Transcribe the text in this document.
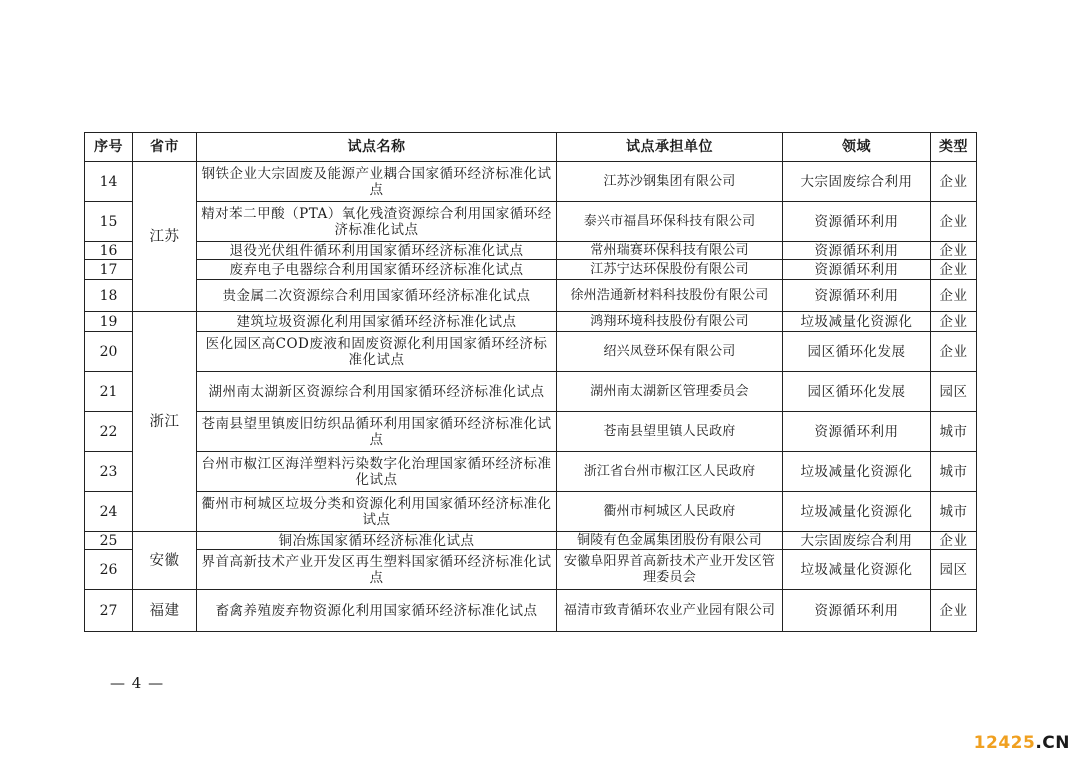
序号	省市	试点名称	试点承担单位	领域	类型
14	江苏	钢铁企业大宗固废及能源产业耦合国家循环经济标准化试点	江苏沙钢集团有限公司	大宗固废综合利用	企业
15		精对苯二甲酸（PTA）氧化残渣资源综合利用国家循环经济标准化试点	泰兴市福昌环保科技有限公司	资源循环利用	企业
16		退役光伏组件循环利用国家循环经济标准化试点	常州瑞赛环保科技有限公司	资源循环利用	企业
17		废弃电子电器综合利用国家循环经济标准化试点	江苏宁达环保股份有限公司	资源循环利用	企业
18		贵金属二次资源综合利用国家循环经济标准化试点	徐州浩通新材料科技股份有限公司	资源循环利用	企业
19	浙江	建筑垃圾资源化利用国家循环经济标准化试点	鸿翔环境科技股份有限公司	垃圾减量化资源化	企业
20		医化园区高COD废液和固废资源化利用国家循环经济标准化试点	绍兴凤登环保有限公司	园区循环化发展	企业
21		湖州南太湖新区资源综合利用国家循环经济标准化试点	湖州南太湖新区管理委员会	园区循环化发展	园区
22		苍南县望里镇废旧纺织品循环利用国家循环经济标准化试点	苍南县望里镇人民政府	资源循环利用	城市
23		台州市椒江区海洋塑料污染数字化治理国家循环经济标准化试点	浙江省台州市椒江区人民政府	垃圾减量化资源化	城市
24		衢州市柯城区垃圾分类和资源化利用国家循环经济标准化试点	衢州市柯城区人民政府	垃圾减量化资源化	城市
25	安徽	铜冶炼国家循环经济标准化试点	铜陵有色金属集团股份有限公司	大宗固废综合利用	企业
26		界首高新技术产业开发区再生塑料国家循环经济标准化试点	安徽阜阳界首高新技术产业开发区管理委员会	垃圾减量化资源化	园区
27	福建	畜禽养殖废弃物资源化利用国家循环经济标准化试点	福清市致青循环农业产业园有限公司	资源循环利用	企业
— 4 —
12425.CN
